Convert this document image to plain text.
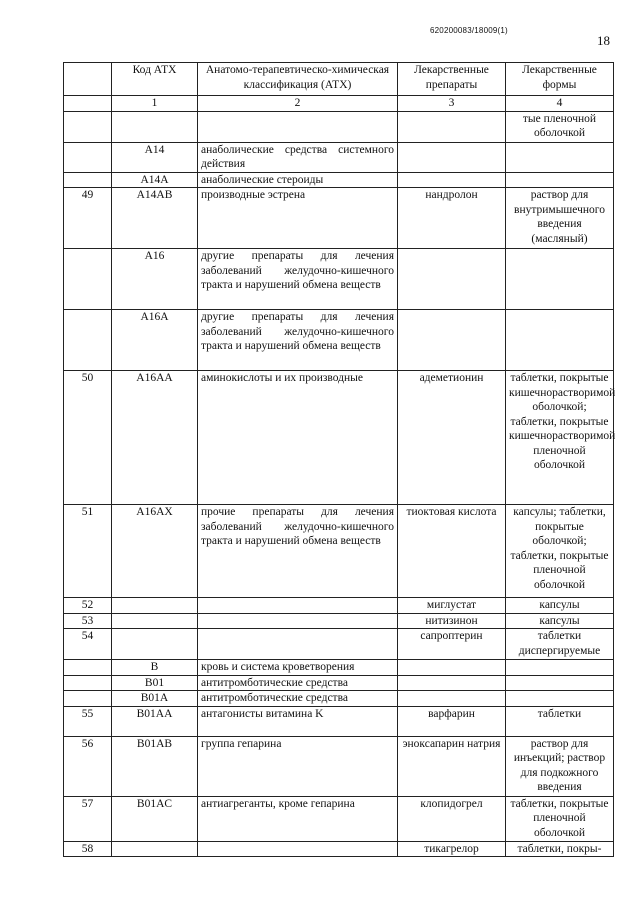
620200083/18009(1)
18
	Код АТХ	Анатомо-терапевтическо-химическая классификация (АТХ)	Лекарственные препараты	Лекарственные формы
	1	2	3	4
				тые пленочной оболочкой
	A14	анаболические средства системного действия		
	A14A	анаболические стероиды		
49	A14AB	производные эстрена	нандролон	раствор для внутримышечного введения (масляный)
	A16	другие препараты для лечения заболеваний желудочно-кишечного тракта и нарушений обмена веществ		
	A16A	другие препараты для лечения заболеваний желудочно-кишечного тракта и нарушений обмена веществ		
50	A16AA	аминокислоты и их производные	адеметионин	таблетки, покрытые кишечнорастворимой оболочкой; таблетки, покрытые кишечнорастворимой пленочной оболочкой
51	A16AX	прочие препараты для лечения заболеваний желудочно-кишечного тракта и нарушений обмена веществ	тиоктовая кислота	капсулы; таблетки, покрытые оболочкой; таблетки, покрытые пленочной оболочкой
52			миглустат	капсулы
53			нитизинон	капсулы
54			сапроптерин	таблетки диспергируемые
	B	кровь и система кроветворения		
	B01	антитромботические средства		
	B01A	антитромботические средства		
55	B01AA	антагонисты витамина K	варфарин	таблетки
56	B01AB	группа гепарина	эноксапарин натрия	раствор для инъекций; раствор для подкожного введения
57	B01AC	антиагреганты, кроме гепарина	клопидогрел	таблетки, покрытые пленочной оболочкой
58			тикагрелор	таблетки, покры-
